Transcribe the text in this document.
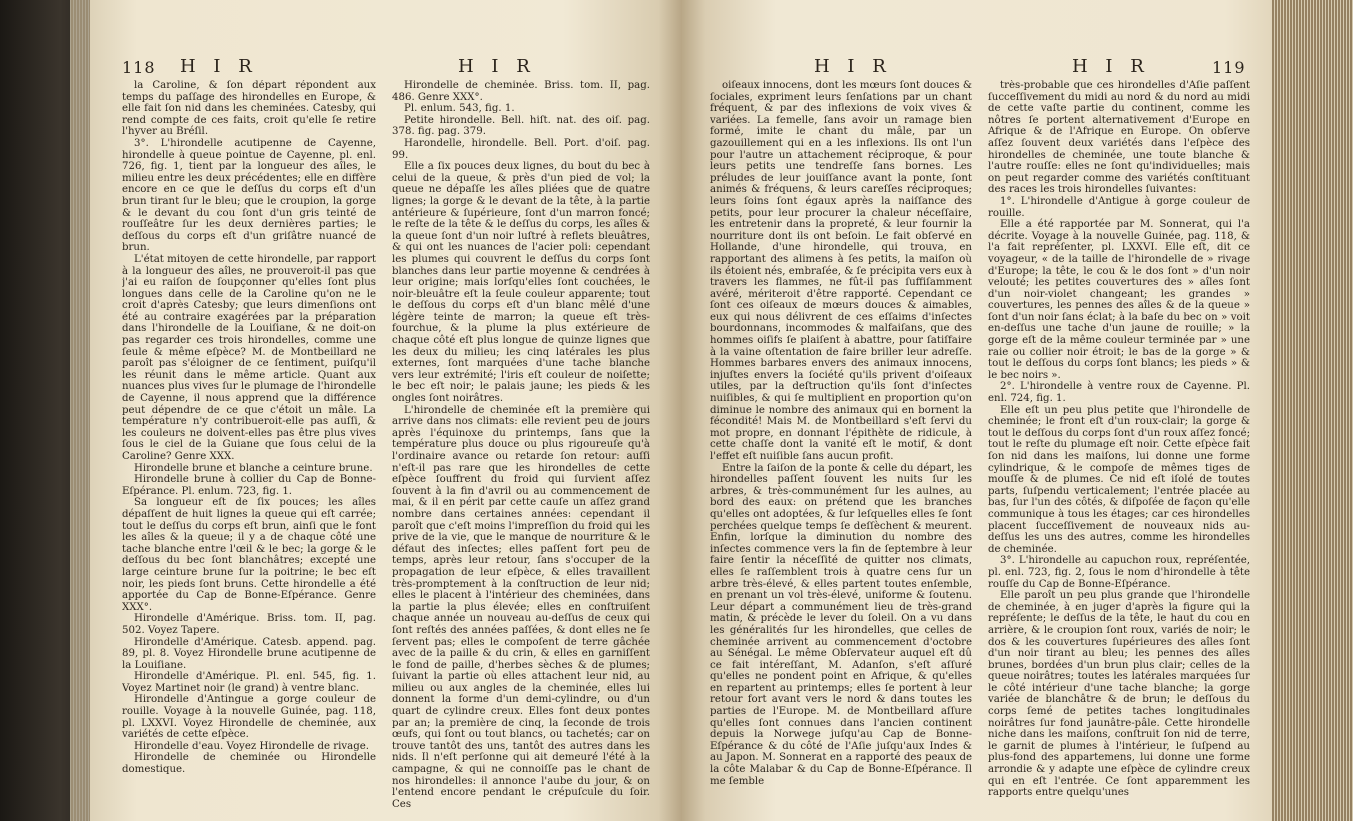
118 H I R	H I R

la Caroline, & ſon départ répondent aux temps du paſſage des hirondelles en Europe, & elle fait ſon nid dans les cheminées. Catesby, qui rend compte de ces faits, croit qu'elle ſe retire l'hyver au Bréſil.

3°. L'hirondelle acutipenne de Cayenne, hirondelle à queue pointue de Cayenne, pl. enl. 726, fig. 1, tient par la longueur des aîles, le milieu entre les deux précédentes; elle en diffère encore en ce que le deſſus du corps eſt d'un brun tirant ſur le bleu; que le croupion, la gorge & le devant du cou ſont d'un gris teinté de rouſſeâtre ſur les deux dernières parties; le deſſous du corps eſt d'un griſâtre nuancé de brun.

L'état mitoyen de cette hirondelle, par rapport à la longueur des aîles, ne prouveroit-il pas que j'ai eu raiſon de ſoupçonner qu'elles ſont plus longues dans celle de la Caroline qu'on ne le croit d'après Catesby; que leurs dimenſions ont été au contraire exagérées par la préparation dans l'hirondelle de la Louiſiane, & ne doit-on pas regarder ces trois hirondelles, comme une ſeule & même eſpèce? M. de Montbeillard ne paroît pas s'éloigner de ce ſentiment, puiſqu'il les réunit dans le même article. Quant aux nuances plus vives ſur le plumage de l'hirondelle de Cayenne, il nous apprend que la différence peut dépendre de ce que c'étoit un mâle. La température n'y contribueroit-elle pas auſſi, & les couleurs ne doivent-elles pas être plus vives ſous le ciel de la Guiane que ſous celui de la Caroline? Genre XXX.

Hirondelle brune et blanche a ceinture brune.

Hirondelle brune à collier du Cap de Bonne-Eſpérance. Pl. enlum. 723, fig. 1.

Sa longueur eſt de ſix pouces; les aîles dépaſſent de huit lignes la queue qui eſt carrée; tout le deſſus du corps eſt brun, ainſi que le font les aîles & la queue; il y a de chaque côté une tache blanche entre l'œil & le bec; la gorge & le deſſous du bec ſont blanchâtres; excepté une large ceinture brune ſur la poitrine; le bec eſt noir, les pieds ſont bruns. Cette hirondelle a été apportée du Cap de Bonne-Eſpérance. Genre XXX°.

Hirondelle d'Amérique. Briss. tom. II, pag. 502. Voyez Tapere.

Hirondelle d'Amérique. Catesb. append. pag. 89, pl. 8. Voyez Hirondelle brune acutipenne de la Louiſiane.

Hirondelle d'Amérique. Pl. enl. 545, fig. 1. Voyez Martinet noir (le grand) à ventre blanc.

Hirondelle d'Antingue a gorge couleur de rouille. Voyage à la nouvelle Guinée, pag. 118, pl. LXXVI. Voyez Hirondelle de cheminée, aux variétés de cette eſpèce.

Hirondelle d'eau. Voyez Hirondelle de rivage.

Hirondelle de cheminée ou Hirondelle domestique.

Hirondelle de cheminée. Briss. tom. II, pag. 486. Genre XXX°.

Pl. enlum. 543, fig. 1.

Petite hirondelle. Bell. hiſt. nat. des oiſ. pag. 378. fig. pag. 379.

Harondelle, hirondelle. Bell. Port. d'oiſ. pag. 99.

Elle a ſix pouces deux lignes, du bout du bec à celui de la queue, & près d'un pied de vol; la queue ne dépaſſe les aîles pliées que de quatre lignes; la gorge & le devant de la tête, à la partie antérieure & ſupérieure, ſont d'un marron foncé; le reſte de la tête & le deſſus du corps, les aîles & la queue ſont d'un noir luſtré à reflets bleuâtres, & qui ont les nuances de l'acier poli: cependant les plumes qui couvrent le deſſus du corps ſont blanches dans leur partie moyenne & cendrées à leur origine; mais lorſqu'elles ſont couchées, le noir-bleuâtre eſt la ſeule couleur apparente; tout le deſſous du corps eſt d'un blanc mêlé d'une légère teinte de marron; la queue eſt très-fourchue, & la plume la plus extérieure de chaque côté eſt plus longue de quinze lignes que les deux du milieu; les cinq latérales les plus externes, ſont marquées d'une tache blanche vers leur extrémité; l'iris eſt couleur de noiſette; le bec eſt noir; le palais jaune; les pieds & les ongles ſont noirâtres.

L'hirondelle de cheminée eſt la première qui arrive dans nos climats: elle revient peu de jours après l'équinoxe du printemps, ſans que la température plus douce ou plus rigoureuſe qu'à l'ordinaire avance ou retarde ſon retour: auſſi n'eſt-il pas rare que les hirondelles de cette eſpèce ſouffrent du froid qui ſurvient aſſez ſouvent à la fin d'avril ou au commencement de mai, & il en périt par cette cauſe un aſſez grand nombre dans certaines années: cependant il paroît que c'eſt moins l'impreſſion du froid qui les prive de la vie, que le manque de nourriture & le défaut des inſectes; elles paſſent fort peu de temps, après leur retour, ſans s'occuper de la propagation de leur eſpèce, & elles travaillent très-promptement à la conſtruction de leur nid; elles le placent à l'intérieur des cheminées, dans la partie la plus élevée; elles en conſtruiſent chaque année un nouveau au-deſſus de ceux qui ſont reſtés des années paſſées, & dont elles ne ſe ſervent pas; elles le compoſent de terre gâchée avec de la paille & du crin, & elles en garniſſent le fond de paille, d'herbes sèches & de plumes; ſuivant la partie où elles attachent leur nid, au milieu ou aux angles de la cheminée, elles lui donnent la forme d'un demi-cylindre, ou d'un quart de cylindre creux. Elles font deux pontes par an; la première de cinq, la ſeconde de trois œufs, qui ſont ou tout blancs, ou tachetés; car on trouve tantôt des uns, tantôt des autres dans les nids. Il n'eſt perſonne qui ait demeuré l'été à la campagne, & qui ne connoiſſe pas le chant de nos hirondelles: il annonce l'aube du jour, & on l'entend encore pendant le crépuſcule du ſoir. Ces

H I R	H I R	119

oiſeaux innocens, dont les mœurs ſont douces & ſociales, expriment leurs ſenſations par un chant fréquent, & par des inflexions de voix vives & variées. La femelle, ſans avoir un ramage bien formé, imite le chant du mâle, par un gazouillement qui en a les inflexions. Ils ont l'un pour l'autre un attachement réciproque, & pour leurs petits une tendreſſe ſans bornes. Les préludes de leur jouiſſance avant la ponte, ſont animés & fréquens, & leurs careſſes réciproques; leurs ſoins ſont égaux après la naiſſance des petits, pour leur procurer la chaleur néceſſaire, les entretenir dans la propreté, & leur fournir la nourriture dont ils ont beſoin. Le fait obſervé en Hollande, d'une hirondelle, qui trouva, en rapportant des alimens à ſes petits, la maiſon où ils étoient nés, embraſée, & ſe précipita vers eux à travers les flammes, ne fût-il pas ſuffiſamment avéré, mériteroit d'être rapporté. Cependant ce ſont ces oiſeaux de mœurs douces & aimables, eux qui nous délivrent de ces eſſaims d'inſectes bourdonnans, incommodes & malfaiſans, que des hommes oiſifs ſe plaiſent à abattre, pour ſatiſfaire à la vaine oſtentation de faire briller leur adreſſe. Hommes barbares envers des animaux innocens, injuſtes envers la ſociété qu'ils privent d'oiſeaux utiles, par la deſtruction qu'ils ſont d'inſectes nuiſibles, & qui ſe multiplient en proportion qu'on diminue le nombre des animaux qui en bornent la fécondité! Mais M. de Montbeillard s'eſt ſervi du mot propre, en donnant l'épithète de ridicule, à cette chaſſe dont la vanité eſt le motif, & dont l'effet eſt nuiſible ſans aucun profit.

Entre la ſaiſon de la ponte & celle du départ, les hirondelles paſſent ſouvent les nuits ſur les arbres, & très-communément ſur les aulnes, au bord des eaux: on prétend que les branches qu'elles ont adoptées, & ſur leſquelles elles ſe ſont perchées quelque temps ſe deſſèchent & meurent. Enfin, lorſque la diminution du nombre des inſectes commence vers la fin de ſeptembre à leur faire ſentir la néceſſité de quitter nos climats, elles ſe raſſemblent trois à quatre cens ſur un arbre très-élevé, & elles partent toutes enſemble, en prenant un vol très-élevé, uniforme & ſoutenu. Leur départ a communément lieu de très-grand matin, & précède le lever du ſoleil. On a vu dans les généralités ſur les hirondelles, que celles de cheminée arrivent au commencement d'octobre au Sénégal. Le même Obſervateur auquel eſt dû ce fait intéreſſant, M. Adanſon, s'eſt aſſuré qu'elles ne pondent point en Afrique, & qu'elles en repartent au printemps; elles ſe portent à leur retour fort avant vers le nord & dans toutes les parties de l'Europe. M. de Montbeillard aſſure qu'elles ſont connues dans l'ancien continent depuis la Norwege juſqu'au Cap de Bonne-Eſpérance & du côté de l'Aſie juſqu'aux Indes & au Japon. M. Sonnerat en a rapporté des peaux de la côte Malabar & du Cap de Bonne-Eſpérance. Il me ſemble

très-probable que ces hirondelles d'Aſie paſſent ſucceſſivement du midi au nord & du nord au midi de cette vaſte partie du continent, comme les nôtres ſe portent alternativement d'Europe en Afrique & de l'Afrique en Europe. On obſerve aſſez ſouvent deux variétés dans l'eſpèce des hirondelles de cheminée, une toute blanche & l'autre rouſſe: elles ne ſont qu'individuelles; mais on peut regarder comme des variétés conſtituant des races les trois hirondelles ſuivantes:

1°. L'hirondelle d'Antigue à gorge couleur de rouille.

Elle a été rapportée par M. Sonnerat, qui l'a décrite. Voyage à la nouvelle Guinée, pag. 118, & l'a fait repréſenter, pl. LXXVI. Elle eſt, dit ce voyageur, « de la taille de l'hirondelle de » rivage d'Europe; la tête, le cou & le dos ſont » d'un noir velouté; les petites couvertures des » aîles ſont d'un noir-violet changeant; les grandes » couvertures, les pennes des aîles & de la queue » ſont d'un noir ſans éclat; à la baſe du bec on » voit en-deſſus une tache d'un jaune de rouille; » la gorge eſt de la même couleur terminée par » une raie ou collier noir étroit; le bas de la gorge » & tout le deſſous du corps ſont blancs; les pieds » & le bec noirs ».

2°. L'hirondelle à ventre roux de Cayenne. Pl. enl. 724, fig. 1.

Elle eſt un peu plus petite que l'hirondelle de cheminée; le front eſt d'un roux-clair; la gorge & tout le deſſous du corps ſont d'un roux aſſez foncé; tout le reſte du plumage eſt noir. Cette eſpèce fait ſon nid dans les maiſons, lui donne une forme cylindrique, & le compoſe de mêmes tiges de mouſſe & de plumes. Ce nid eſt iſolé de toutes parts, ſuſpendu verticalement; l'entrée placée au bas, ſur l'un des côtés, & diſpoſée de façon qu'elle communique à tous les étages; car ces hirondelles placent ſucceſſivement de nouveaux nids au-deſſus les uns des autres, comme les hirondelles de cheminée.

3°. L'hirondelle au capuchon roux, repréſentée, pl. enl. 723, fig. 2, ſous le nom d'hirondelle à tête rouſſe du Cap de Bonne-Eſpérance.

Elle paroît un peu plus grande que l'hirondelle de cheminée, à en juger d'après la figure qui la repréſente; le deſſus de la tête, le haut du cou en arrière, & le croupion ſont roux, variés de noir; le dos & les couvertures ſupérieures des aîles ſont d'un noir tirant au bleu; les pennes des aîles brunes, bordées d'un brun plus clair; celles de la queue noirâtres; toutes les latérales marquées ſur le côté intérieur d'une tache blanche; la gorge variée de blanchâtre & de brun; le deſſous du corps ſemé de petites taches longitudinales noirâtres ſur fond jaunâtre-pâle. Cette hirondelle niche dans les maiſons, conſtruit ſon nid de terre, le garnit de plumes à l'intérieur, le ſuſpend au plus-fond des appartemens, lui donne une forme arrondie & y adapte une eſpèce de cylindre creux qui en eſt l'entrée. Ce ſont apparemment les rapports entre quelqu'unes
